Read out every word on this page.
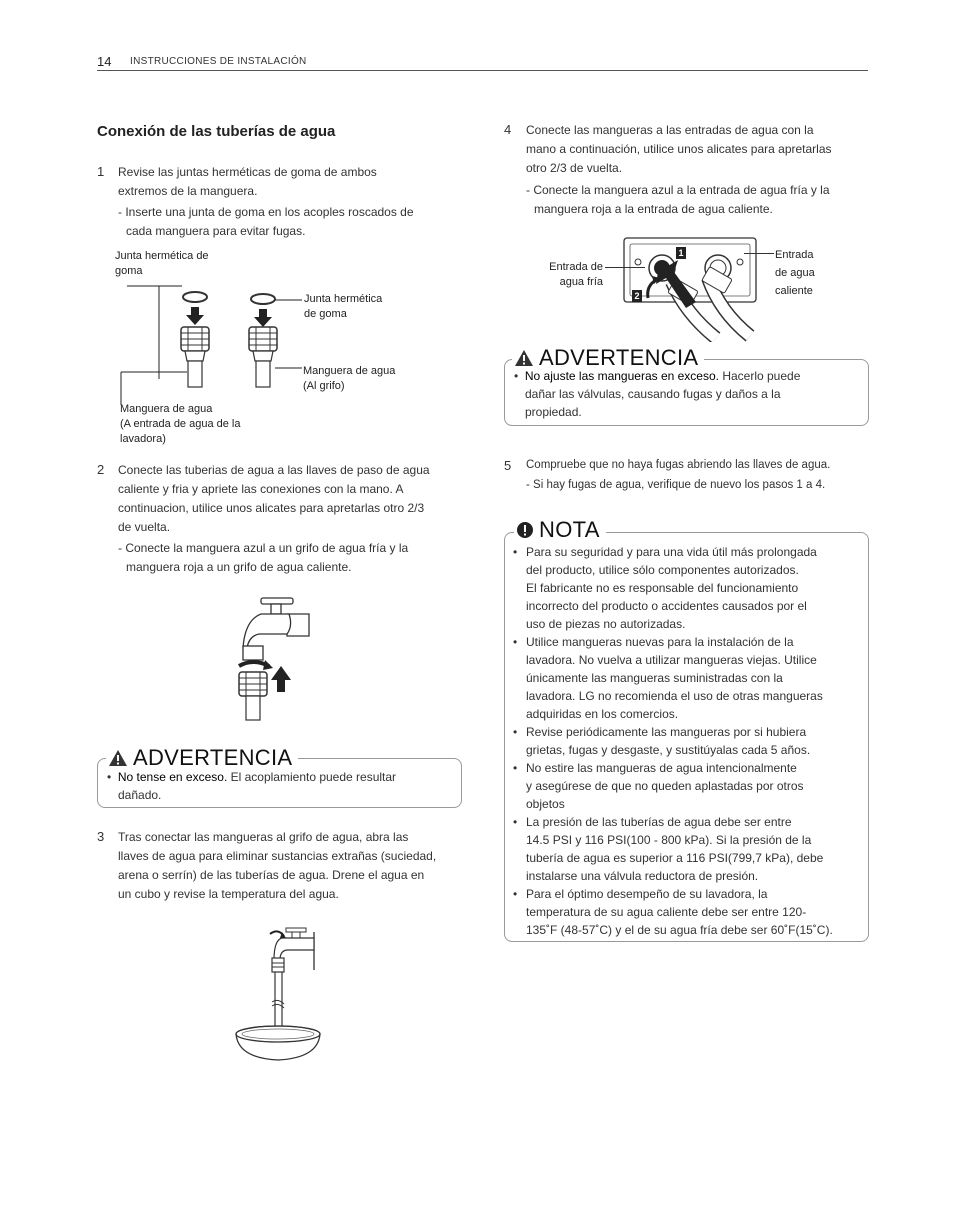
14 INSTRUCCIONES DE INSTALACIÓN
Conexión de las tuberías de agua
1 Revise las juntas herméticas de goma de ambos
extremos de la manguera.
- Inserte una junta de goma en los acoples roscados de
cada manguera para evitar fugas.
Junta hermética de
goma
Junta hermética
de goma
Manguera de agua
(Al grifo)
Manguera de agua
(A entrada de agua de la
lavadora)
2 Conecte las tuberias de agua a las llaves de paso de agua
caliente y fria y apriete las conexiones con la mano. A
continuacion, utilice unos alicates para apretarlas otro 2/3
de vuelta.
- Conecte la manguera azul a un grifo de agua fría y la
manguera roja a un grifo de agua caliente.
ADVERTENCIA
•  No tense en exceso. El acoplamiento puede resultar
dañado.
3 Tras conectar las mangueras al grifo de agua, abra las
llaves de agua para eliminar sustancias extrañas (suciedad,
arena o serrín) de las tuberías de agua. Drene el agua en
un cubo y revise la temperatura del agua.
4 Conecte las mangueras a las entradas de agua con la
mano a continuación, utilice unos alicates para apretarlas
otro 2/3 de vuelta.
- Conecte la manguera azul a la entrada de agua fría y la
manguera roja a la entrada de agua caliente.
1
2
Entrada de
agua fría
Entrada
de agua
caliente
ADVERTENCIA
•  No ajuste las mangueras en exceso. Hacerlo puede
dañar las válvulas, causando fugas y daños a la
propiedad.
5 Compruebe que no haya fugas abriendo las llaves de agua.
- Si hay fugas de agua, verifique de nuevo los pasos 1 a 4.
NOTA
• Para su seguridad y para una vida útil más prolongada
del producto, utilice sólo componentes autorizados.
El fabricante no es responsable del funcionamiento
incorrecto del producto o accidentes causados por el
uso de piezas no autorizadas.
• Utilice mangueras nuevas para la instalación de la
lavadora. No vuelva a utilizar mangueras viejas. Utilice
únicamente las mangueras suministradas con la
lavadora. LG no recomienda el uso de otras mangueras
adquiridas en los comercios.
• Revise periódicamente las mangueras por si hubiera
grietas, fugas y desgaste, y sustitúyalas cada 5 años.
• No estire las mangueras de agua intencionalmente
y asegúrese de que no queden aplastadas por otros
objetos
• La presión de las tuberías de agua debe ser entre
14.5 PSI y 116 PSI(100 - 800 kPa). Si la presión de la
tubería de agua es superior a 116 PSI(799,7 kPa), debe
instalarse una válvula reductora de presión.
• Para el óptimo desempeño de su lavadora, la
temperatura de su agua caliente debe ser entre 120-
135˚F (48-57˚C) y el de su agua fría debe ser 60˚F(15˚C).
